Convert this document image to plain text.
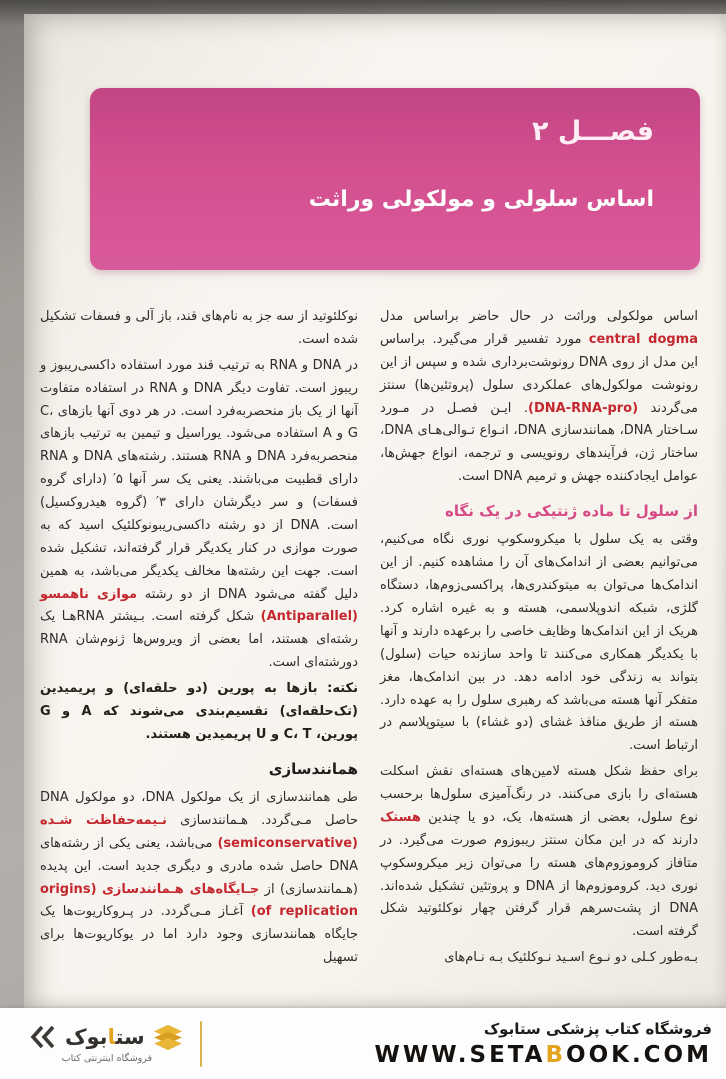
فصـــل ۲
اساس سلولی و مولکولی وراثت

اساس مولکولی وراثت در حال حاضر براساس مدل central dogma مورد تفسیر قرار می‌گیرد. براساس این مدل از روی DNA رونوشت‌برداری شده و سپس از این رونوشت مولکول‌های عملکردی سلول (پروتئین‌ها) سنتز می‌گردند (DNA-RNA-pro). ایـن فصـل در مـورد سـاختار DNA، همانندسازی DNA، انـواع تـوالی‌هـای DNA، ساختار ژن، فرآیندهای رونویسی و ترجمه، انواع جهش‌ها، عوامل ایجادکننده جهش و ترمیم DNA است.

از سلول تا ماده ژنتیکی در یک نگاه

وقتی به یک سلول با میکروسکوپ نوری نگاه می‌کنیم، می‌توانیم بعضی از اندامک‌های آن را مشاهده کنیم. از این اندامک‌ها می‌توان به میتوکندری‌ها، پراکسی‌زوم‌ها، دستگاه گلژی، شبکه اندوپلاسمی، هسته و به غیره اشاره کرد. هریک از این اندامک‌ها وظایف خاصی را برعهده دارند و آنها با یکدیگر همکاری می‌کنند تا واحد سازنده حیات (سلول) بتواند به زندگی خود ادامه دهد. در بین اندامک‌ها، مغز متفکر آنها هسته می‌باشد که رهبری سلول را به عهده دارد. هسته از طریق منافذ غشای (دو غشاء) با سیتوپلاسم در ارتباط است.

برای حفظ شکل هسته لامین‌های هسته‌ای نقش اسکلت هسته‌ای را بازی می‌کنند. در رنگ‌آمیزی سلول‌ها برحسب نوع سلول، بعضی از هسته‌ها، یک، دو یا چندین هستک دارند که در این مکان سنتز ریبوزوم صورت می‌گیرد. در متافاز کروموزوم‌های هسته را می‌توان زیر میکروسکوپ نوری دید. کروموزوم‌ها از DNA و پروتئین تشکیل شده‌اند. DNA از پشت‌سرهم قرار گرفتن چهار نوکلئوتید شکل گرفته است.

بـه‌طور کـلی دو نـوع اسـید نـوکلئیک بـه نـام‌های

نوکلئوتید از سه جز به نام‌های قند، باز آلی و فسفات تشکیل شده است.

در DNA و RNA به ترتیب قند مورد استفاده داکسی‌ریبوز و ریبوز است. تفاوت دیگر DNA و RNA در استفاده متفاوت آنها از یک باز منحصربه‌فرد است. در هر دوی آنها بازهای C، G و A استفاده می‌شود. یوراسیل و تیمین به ترتیب بازهای منحصربه‌فرد DNA و RNA هستند. رشته‌های DNA و RNA دارای قطبیت می‌باشند. یعنی یک سر آنها ۵′ (دارای گروه فسفات) و سر دیگرشان دارای ۳′ (گروه هیدروکسیل) است. DNA از دو رشته داکسی‌ریبونوکلئیک اسید که به صورت موازی در کنار یکدیگر قرار گرفته‌اند، تشکیل شده است. جهت این رشته‌ها مخالف یکدیگر می‌باشد، به همین دلیل گفته می‌شود DNA از دو رشته موازی ناهمسو (Antiparallel) شکل گرفته است. بـیشتر RNAهـا یک رشته‌ای هستند، اما بعضی از ویروس‌ها ژنوم‌شان RNA دورشته‌ای است.

نکته: بازها به پورین (دو حلقه‌ای) و پریمیدین (تک‌حلقه‌ای) تقسیم‌بندی می‌شوند که A و G پورین، C، T و U پریمیدین هستند.

همانندسازی

طی همانندسازی از یک مولکول DNA، دو مولکول DNA حاصل مـی‌گردد. هـمانندسازی نـیمه‌حفاظت شـده (semiconservative) می‌باشد، یعنی یکی از رشته‌های DNA حاصل شده مادری و دیگری جدید است. این پدیده (هـمانندسازی) از جـایگاه‌های هـمانندسازی (origins of replication) آغـاز مـی‌گردد. در پـروکاریوت‌ها یک جایگاه همانندسازی وجود دارد اما در یوکاریوت‌ها برای تسهیل

ستابوک
فروشگاه اینترنتی کتاب
فروشگاه کتاب پزشکی ستابوک
WWW.SETABOOK.COM
